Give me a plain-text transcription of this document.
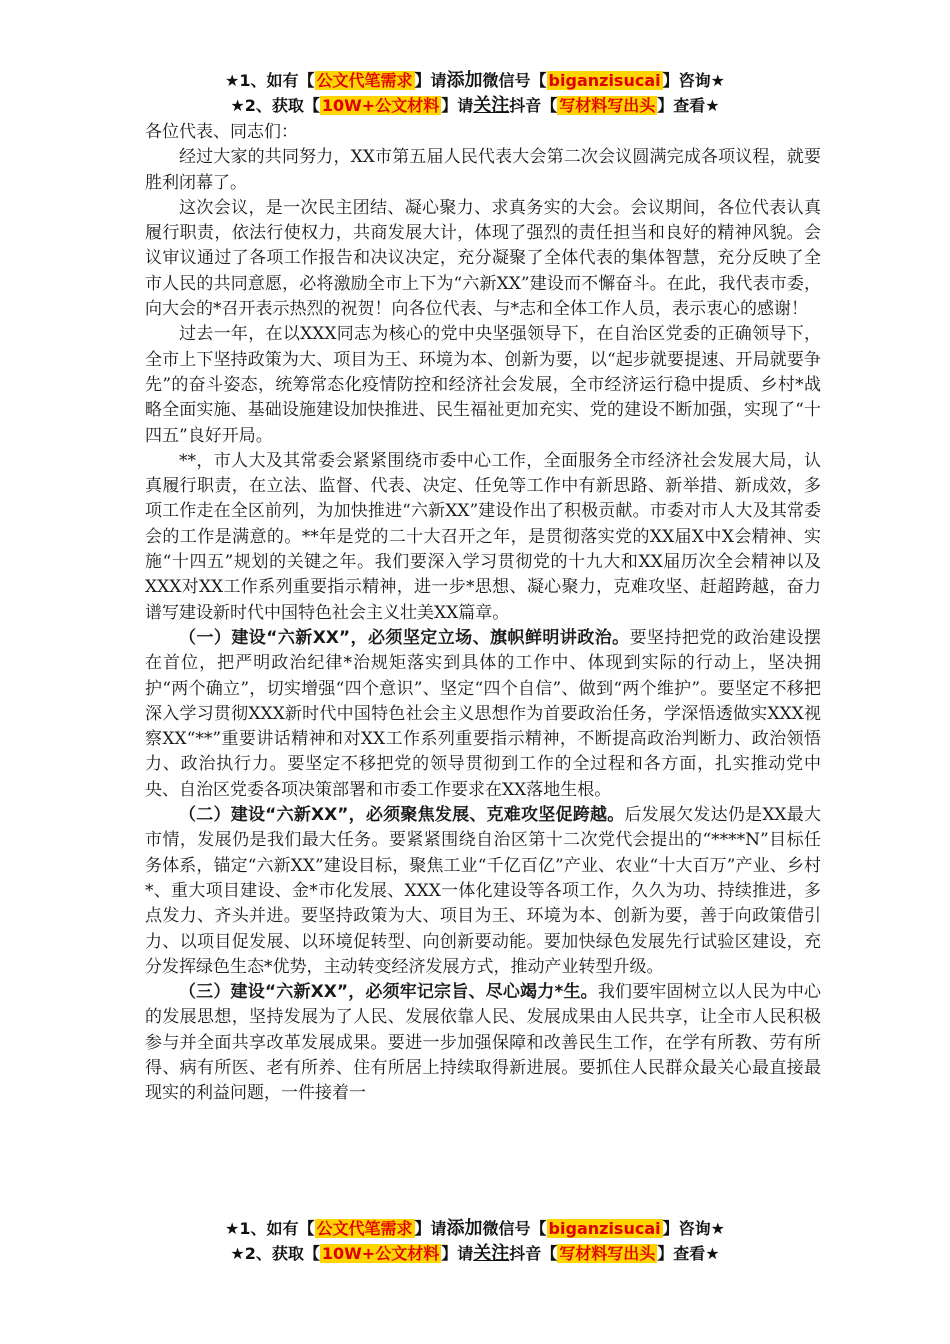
★1、如有【 公文代笔需求 】请添加微信号【 biganzisucai 】咨询★
★2、获取【 10W+公文材料 】请关注抖音【 写材料写出头 】查看★

各位代表、同志们：

经过大家的共同努力，XX市第五届人民代表大会第二次会议圆满完成各项议程，就要胜利闭幕了。

这次会议，是一次民主团结、凝心聚力、求真务实的大会。会议期间，各位代表认真履行职责，依法行使权力，共商发展大计，体现了强烈的责任担当和良好的精神风貌。会议审议通过了各项工作报告和决议决定，充分凝聚了全体代表的集体智慧，充分反映了全市人民的共同意愿，必将激励全市上下为“六新XX”建设而不懈奋斗。在此，我代表市委，向大会的*召开表示热烈的祝贺！向各位代表、与*志和全体工作人员，表示衷心的感谢！

过去一年，在以XXX同志为核心的党中央坚强领导下，在自治区党委的正确领导下，全市上下坚持政策为大、项目为王、环境为本、创新为要，以“起步就要提速、开局就要争先”的奋斗姿态，统筹常态化疫情防控和经济社会发展，全市经济运行稳中提质、乡村*战略全面实施、基础设施建设加快推进、民生福祉更加充实、党的建设不断加强，实现了“十四五”良好开局。

**，市人大及其常委会紧紧围绕市委中心工作，全面服务全市经济社会发展大局，认真履行职责，在立法、监督、代表、决定、任免等工作中有新思路、新举措、新成效，多项工作走在全区前列，为加快推进“六新XX”建设作出了积极贡献。市委对市人大及其常委会的工作是满意的。**年是党的二十大召开之年，是贯彻落实党的XX届X中X会精神、实施“十四五”规划的关键之年。我们要深入学习贯彻党的十九大和XX届历次全会精神以及XXX对XX工作系列重要指示精神，进一步*思想、凝心聚力，克难攻坚、赶超跨越，奋力谱写建设新时代中国特色社会主义壮美XX篇章。

（一）建设“六新XX”，必须坚定立场、旗帜鲜明讲政治。要坚持把党的政治建设摆在首位，把严明政治纪律*治规矩落实到具体的工作中、体现到实际的行动上，坚决拥护“两个确立”，切实增强“四个意识”、坚定“四个自信”、做到“两个维护”。要坚定不移把深入学习贯彻XXX新时代中国特色社会主义思想作为首要政治任务，学深悟透做实XXX视察XX“**”重要讲话精神和对XX工作系列重要指示精神，不断提高政治判断力、政治领悟力、政治执行力。要坚定不移把党的领导贯彻到工作的全过程和各方面，扎实推动党中央、自治区党委各项决策部署和市委工作要求在XX落地生根。

（二）建设“六新XX”，必须聚焦发展、克难攻坚促跨越。后发展欠发达仍是XX最大市情，发展仍是我们最大任务。要紧紧围绕自治区第十二次党代会提出的“****N”目标任务体系，锚定“六新XX”建设目标，聚焦工业“千亿百亿”产业、农业“十大百万”产业、乡村*、重大项目建设、金*市化发展、XXX一体化建设等各项工作，久久为功、持续推进，多点发力、齐头并进。要坚持政策为大、项目为王、环境为本、创新为要，善于向政策借引力、以项目促发展、以环境促转型、向创新要动能。要加快绿色发展先行试验区建设，充分发挥绿色生态*优势，主动转变经济发展方式，推动产业转型升级。

（三）建设“六新XX”，必须牢记宗旨、尽心竭力*生。我们要牢固树立以人民为中心的发展思想，坚持发展为了人民、发展依靠人民、发展成果由人民共享，让全市人民积极参与并全面共享改革发展成果。要进一步加强保障和改善民生工作，在学有所教、劳有所得、病有所医、老有所养、住有所居上持续取得新进展。要抓住人民群众最关心最直接最现实的利益问题，一件接着一

★1、如有【 公文代笔需求 】请添加微信号【 biganzisucai 】咨询★
★2、获取【 10W+公文材料 】请关注抖音【 写材料写出头 】查看★
